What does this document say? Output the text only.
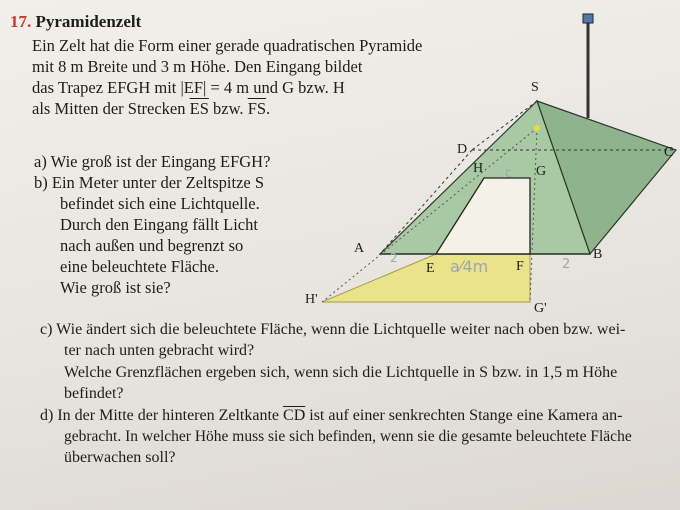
S
D	C
H	G
A	B
E	F
H'
G'
a⁄4m
c
2	2
17. Pyramidenzelt
Ein Zelt hat die Form einer gerade quadratischen Pyramide
mit 8 m Breite und 3 m Höhe. Den Eingang bildet
das Trapez EFGH mit |EF| = 4 m und G bzw. H
als Mitten der Strecken $\overline{ES}$ bzw. $\overline{FS}$.
a) Wie groß ist der Eingang EFGH?
b) Ein Meter unter der Zeltspitze S
befindet sich eine Lichtquelle.
Durch den Eingang fällt Licht
nach außen und begrenzt so
eine beleuchtete Fläche.
Wie groß ist sie?
c) Wie ändert sich die beleuchtete Fläche, wenn die Lichtquelle weiter nach oben bzw. wei-
ter nach unten gebracht wird?
Welche Grenzflächen ergeben sich, wenn sich die Lichtquelle in S bzw. in 1,5 m Höhe
befindet?
d) In der Mitte der hinteren Zeltkante $\overline{CD}$ ist auf einer senkrechten Stange eine Kamera an-
gebracht. In welcher Höhe muss sie sich befinden, wenn sie die gesamte beleuchtete Fläche
überwachen soll?
